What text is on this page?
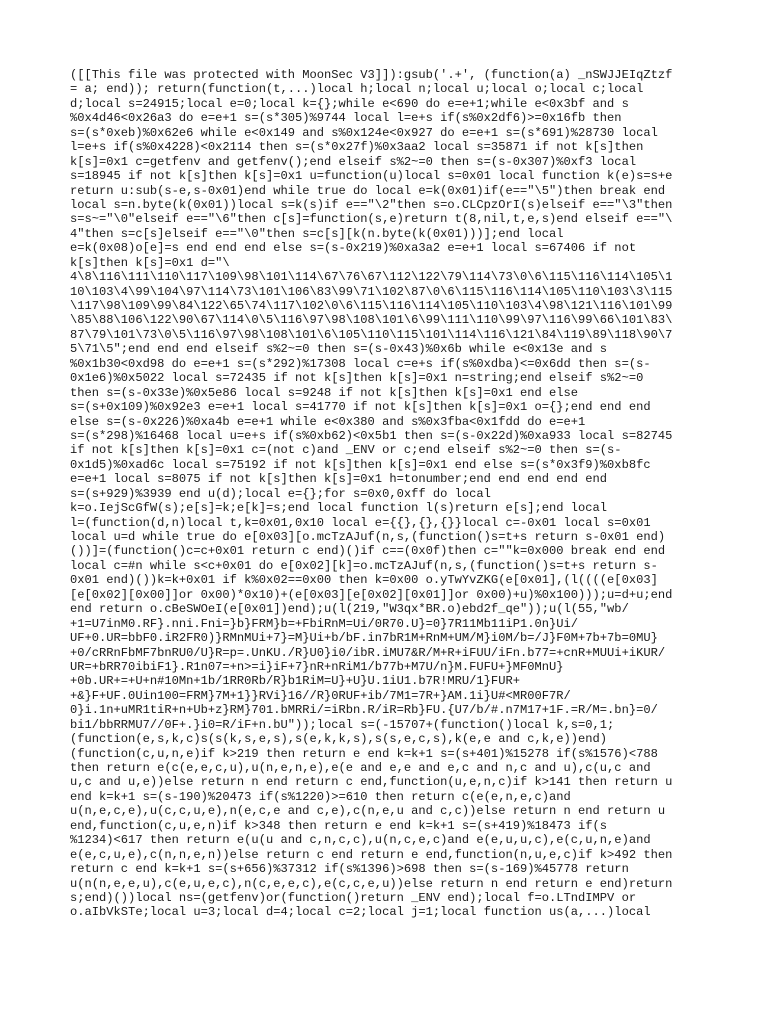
([[This file was protected with MoonSec V3]]):gsub('.+', (function(a) _nSWJJEIqZtzf
= a; end)); return(function(t,...)local h;local n;local u;local o;local c;local
d;local s=24915;local e=0;local k={};while e<690 do e=e+1;while e<0x3bf and s
%0x4d46<0x26a3 do e=e+1 s=(s*305)%9744 local l=e+s if(s%0x2df6)>=0x16fb then
s=(s*0xeb)%0x62e6 while e<0x149 and s%0x124e<0x927 do e=e+1 s=(s*691)%28730 local
l=e+s if(s%0x4228)<0x2114 then s=(s*0x27f)%0x3aa2 local s=35871 if not k[s]then
k[s]=0x1 c=getfenv and getfenv();end elseif s%2~=0 then s=(s-0x307)%0xf3 local
s=18945 if not k[s]then k[s]=0x1 u=function(u)local s=0x01 local function k(e)s=s+e
return u:sub(s-e,s-0x01)end while true do local e=k(0x01)if(e=="\5")then break end
local s=n.byte(k(0x01))local s=k(s)if e=="\2"then s=o.CLCpzOrI(s)elseif e=="\3"then
s=s~="\0"elseif e=="\6"then c[s]=function(s,e)return t(8,nil,t,e,s)end elseif e=="\
4"then s=c[s]elseif e=="\0"then s=c[s][k(n.byte(k(0x01)))];end local
e=k(0x08)o[e]=s end end end else s=(s-0x219)%0xa3a2 e=e+1 local s=67406 if not
k[s]then k[s]=0x1 d="\
4\8\116\111\110\117\109\98\101\114\67\76\67\112\122\79\114\73\0\6\115\116\114\105\1
10\103\4\99\104\97\114\73\101\106\83\99\71\102\87\0\6\115\116\114\105\110\103\3\115
\117\98\109\99\84\122\65\74\117\102\0\6\115\116\114\105\110\103\4\98\121\116\101\99
\85\88\106\122\90\67\114\0\5\116\97\98\108\101\6\99\111\110\99\97\116\99\66\101\83\
87\79\101\73\0\5\116\97\98\108\101\6\105\110\115\101\114\116\121\84\119\89\118\90\7
5\71\5";end end end elseif s%2~=0 then s=(s-0x43)%0x6b while e<0x13e and s
%0x1b30<0xd98 do e=e+1 s=(s*292)%17308 local c=e+s if(s%0xdba)<=0x6dd then s=(s-
0x1e6)%0x5022 local s=72435 if not k[s]then k[s]=0x1 n=string;end elseif s%2~=0
then s=(s-0x33e)%0x5e86 local s=9248 if not k[s]then k[s]=0x1 end else
s=(s+0x109)%0x92e3 e=e+1 local s=41770 if not k[s]then k[s]=0x1 o={};end end end
else s=(s-0x226)%0xa4b e=e+1 while e<0x380 and s%0x3fba<0x1fdd do e=e+1
s=(s*298)%16468 local u=e+s if(s%0xb62)<0x5b1 then s=(s-0x22d)%0xa933 local s=82745
if not k[s]then k[s]=0x1 c=(not c)and _ENV or c;end elseif s%2~=0 then s=(s-
0x1d5)%0xad6c local s=75192 if not k[s]then k[s]=0x1 end else s=(s*0x3f9)%0xb8fc
e=e+1 local s=8075 if not k[s]then k[s]=0x1 h=tonumber;end end end end end
s=(s+929)%3939 end u(d);local e={};for s=0x0,0xff do local
k=o.IejScGfW(s);e[s]=k;e[k]=s;end local function l(s)return e[s];end local
l=(function(d,n)local t,k=0x01,0x10 local e={{},{},{}}local c=-0x01 local s=0x01
local u=d while true do e[0x03][o.mcTzAJuf(n,s,(function()s=t+s return s-0x01 end)
())]=(function()c=c+0x01 return c end)()if c==(0x0f)then c=""k=0x000 break end end
local c=#n while s<c+0x01 do e[0x02][k]=o.mcTzAJuf(n,s,(function()s=t+s return s-
0x01 end)())k=k+0x01 if k%0x02==0x00 then k=0x00 o.yTwYvZKG(e[0x01],(l((((e[0x03]
[e[0x02][0x00]]or 0x00)*0x10)+(e[0x03][e[0x02][0x01]]or 0x00)+u)%0x100)));u=d+u;end
end return o.cBeSWOeI(e[0x01])end);u(l(219,"W3qx*BR.o)ebd2f_qe"));u(l(55,"wb/
+1=U7inM0.RF}.nni.Fni=}b}FRM}b=+FbiRnM=Ui/0R70.U}=0}7R11Mb11iP1.0n}Ui/
UF+0.UR=bbF0.iR2FR0)}RMnMUi+7}=M}Ui+b/bF.in7bR1M+RnM+UM/M}i0M/b=/J}F0M+7b+7b=0MU}
+0/cRRnFbMF7bnRU0/U}R=p=.UnKU./R}U0}i0/ibR.iMU7&R/M+R+iFUU/iFn.b77=+cnR+MUUi+iKUR/
UR=+bRR70ibiF1}.R1n07=+n>=i}iF+7}nR+nRiM1/b77b+M7U/n}M.FUFU+}MF0MnU}
+0b.UR+=+U+n#10Mn+1b/1RR0Rb/R}b1RiM=U}+U}U.1iU1.b7R!MRU/1}FUR+
+&}F+UF.0Uin100=FRM}7M+1}}RVi}16//R}0RUF+ib/7M1=7R+}AM.1i}U#<MR00F7R/
0}i.1n+uMR1tiR+n+Ub+z}RM}701.bMRRi/=iRbn.R/iR=Rb}FU.{U7/b/#.n7M17+1F.=R/M=.bn}=0/
bi1/bbRRMU7//0F+.}i0=R/iF+n.bU"));local s=(-15707+(function()local k,s=0,1;
(function(e,s,k,c)s(s(k,s,e,s),s(e,k,k,s),s(s,e,c,s),k(e,e and c,k,e))end)
(function(c,u,n,e)if k>219 then return e end k=k+1 s=(s+401)%15278 if(s%1576)<788
then return e(c(e,e,c,u),u(n,e,n,e),e(e and e,e and e,c and n,c and u),c(u,c and
u,c and u,e))else return n end return c end,function(u,e,n,c)if k>141 then return u
end k=k+1 s=(s-190)%20473 if(s%1220)>=610 then return c(e(e,n,e,c)and
u(n,e,c,e),u(c,c,u,e),n(e,c,e and c,e),c(n,e,u and c,c))else return n end return u
end,function(c,u,e,n)if k>348 then return e end k=k+1 s=(s+419)%18473 if(s
%1234)<617 then return e(u(u and c,n,c,c),u(n,c,e,c)and e(e,u,u,c),e(c,u,n,e)and
e(e,c,u,e),c(n,n,e,n))else return c end return e end,function(n,u,e,c)if k>492 then
return c end k=k+1 s=(s+656)%37312 if(s%1396)>698 then s=(s-169)%45778 return
u(n(n,e,e,u),c(e,u,e,c),n(c,e,e,c),e(c,c,e,u))else return n end return e end)return
s;end)())local ns=(getfenv)or(function()return _ENV end);local f=o.LTndIMPV or
o.aIbVkSTe;local u=3;local d=4;local c=2;local j=1;local function us(a,...)local
